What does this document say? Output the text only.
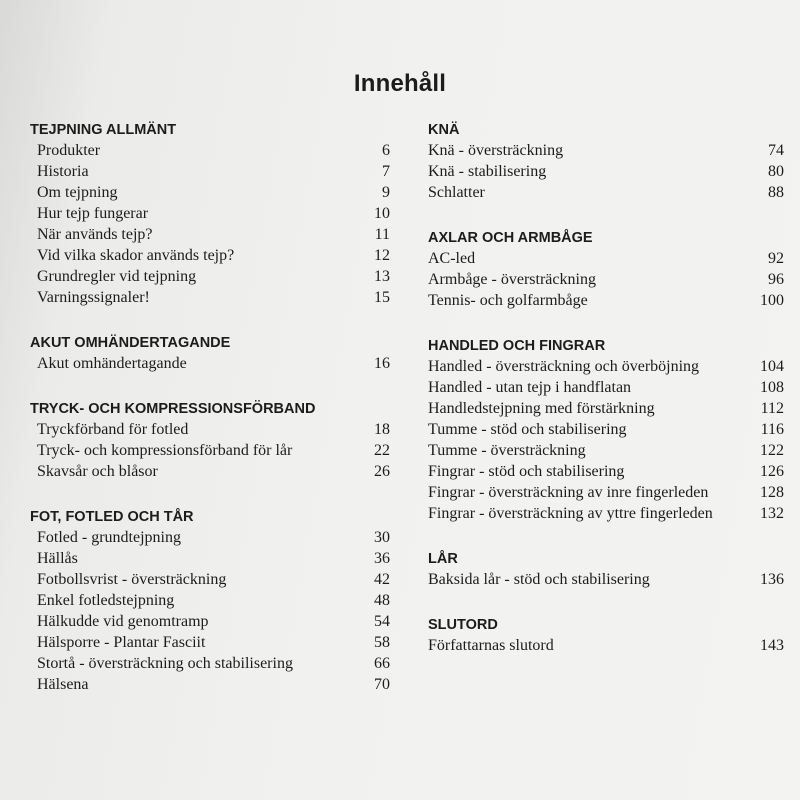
Innehåll
TEJPNING ALLMÄNT
Produkter	6
Historia	7
Om tejpning	9
Hur tejp fungerar	10
När används tejp?	11
Vid vilka skador används tejp?	12
Grundregler vid tejpning	13
Varningssignaler!	15
AKUT OMHÄNDERTAGANDE
Akut omhändertagande	16
TRYCK- OCH KOMPRESSIONSFÖRBAND
Tryckförband för fotled	18
Tryck- och kompressionsförband för lår	22
Skavsår och blåsor	26
FOT, FOTLED OCH TÅR
Fotled - grundtejpning	30
Hällås	36
Fotbollsvrist - översträckning	42
Enkel fotledstejpning	48
Hälkudde vid genomtramp	54
Hälsporre - Plantar Fasciit	58
Stortå - översträckning och stabilisering	66
Hälsena	70
KNÄ
Knä - översträckning	74
Knä - stabilisering	80
Schlatter	88
AXLAR OCH ARMBÅGE
AC-led	92
Armbåge - översträckning	96
Tennis- och golfarmbåge	100
HANDLED OCH FINGRAR
Handled - översträckning och överböjning	104
Handled - utan tejp i handflatan	108
Handledstejpning med förstärkning	112
Tumme - stöd och stabilisering	116
Tumme - översträckning	122
Fingrar - stöd och stabilisering	126
Fingrar - översträckning av inre fingerleden	128
Fingrar - översträckning av yttre fingerleden	132
LÅR
Baksida lår - stöd och stabilisering	136
SLUTORD
Författarnas slutord	143
